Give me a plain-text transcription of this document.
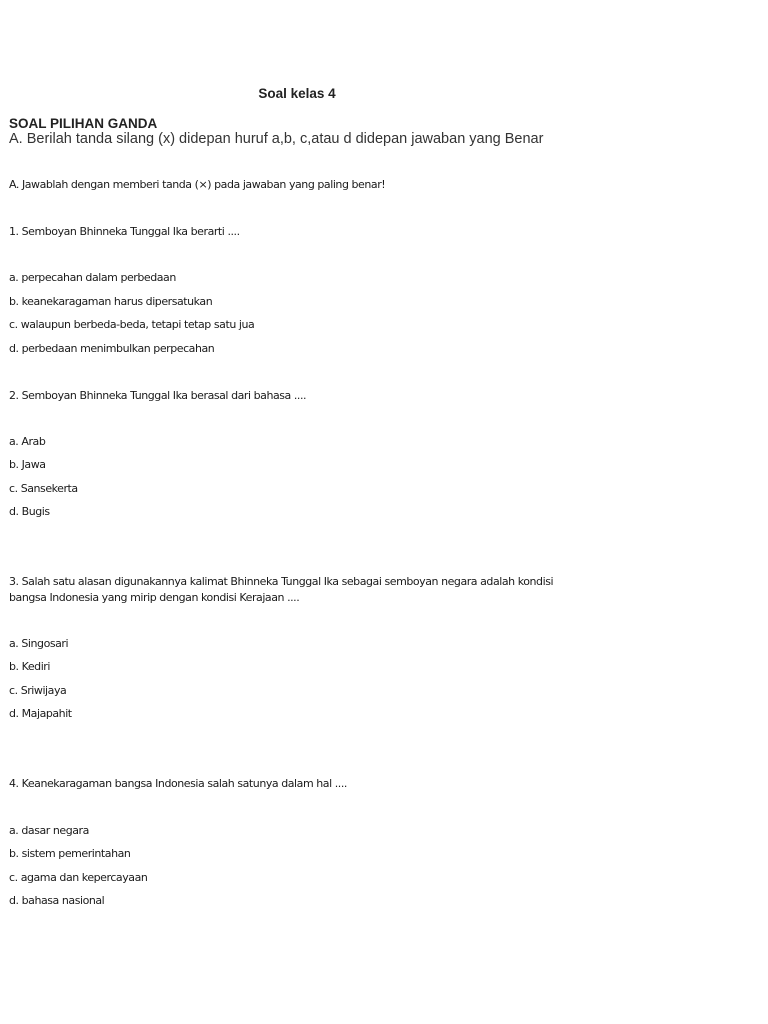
Soal kelas 4
SOAL PILIHAN GANDA
A. Berilah tanda silang (x) didepan huruf a,b, c,atau d didepan jawaban yang Benar
A. Jawablah dengan memberi tanda (×) pada jawaban yang paling benar!
1. Semboyan Bhinneka Tunggal Ika berarti ....
a. perpecahan dalam perbedaan
b. keanekaragaman harus dipersatukan
c. walaupun berbeda-beda, tetapi tetap satu jua
d. perbedaan menimbulkan perpecahan
2. Semboyan Bhinneka Tunggal Ika berasal dari bahasa ....
a. Arab
b. Jawa
c. Sansekerta
d. Bugis
3. Salah satu alasan digunakannya kalimat Bhinneka Tunggal Ika sebagai semboyan negara adalah kondisi bangsa Indonesia yang mirip dengan kondisi Kerajaan ....
a. Singosari
b. Kediri
c. Sriwijaya
d. Majapahit
4. Keanekaragaman bangsa Indonesia salah satunya dalam hal ....
a. dasar negara
b. sistem pemerintahan
c. agama dan kepercayaan
d. bahasa nasional
